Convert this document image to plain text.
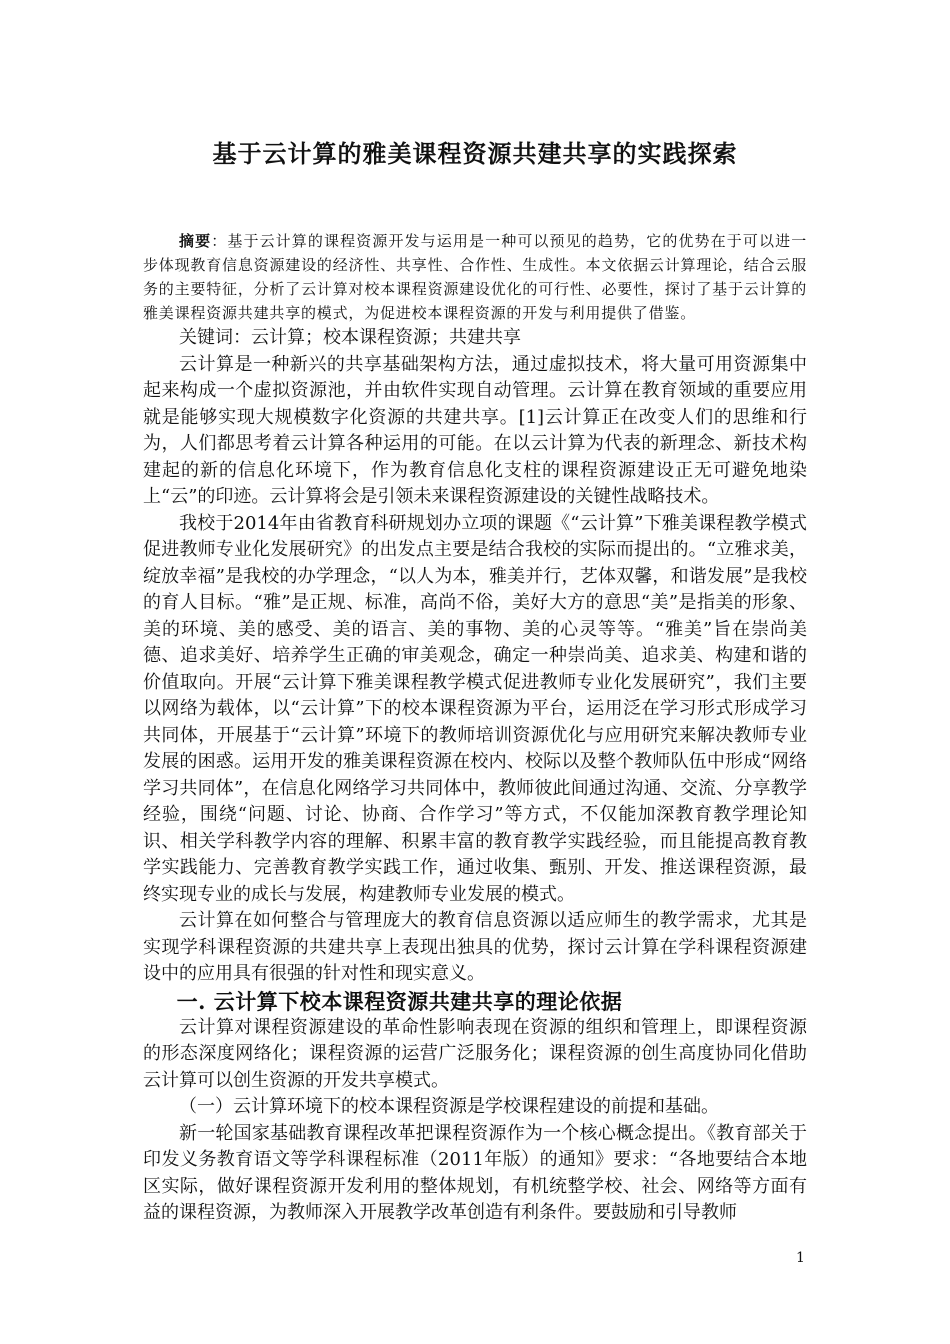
基于云计算的雅美课程资源共建共享的实践探索
摘要：基于云计算的课程资源开发与运用是一种可以预见的趋势，它的优势在于可以进一步体现教育信息资源建设的经济性、共享性、合作性、生成性。本文依据云计算理论，结合云服务的主要特征，分析了云计算对校本课程资源建设优化的可行性、必要性，探讨了基于云计算的雅美课程资源共建共享的模式，为促进校本课程资源的开发与利用提供了借鉴。

关键词：云计算；校本课程资源；共建共享

云计算是一种新兴的共享基础架构方法，通过虚拟技术，将大量可用资源集中起来构成一个虚拟资源池，并由软件实现自动管理。云计算在教育领域的重要应用就是能够实现大规模数字化资源的共建共享。[1]云计算正在改变人们的思维和行为，人们都思考着云计算各种运用的可能。在以云计算为代表的新理念、新技术构建起的新的信息化环境下，作为教育信息化支柱的课程资源建设正无可避免地染上“云”的印迹。云计算将会是引领未来课程资源建设的关键性战略技术。

我校于2014年由省教育科研规划办立项的课题《“云计算”下雅美课程教学模式促进教师专业化发展研究》的出发点主要是结合我校的实际而提出的。“立雅求美，绽放幸福”是我校的办学理念，“以人为本，雅美并行，艺体双馨，和谐发展”是我校的育人目标。“雅”是正规、标准，高尚不俗，美好大方的意思“美”是指美的形象、美的环境、美的感受、美的语言、美的事物、美的心灵等等。“雅美”旨在崇尚美德、追求美好、培养学生正确的审美观念，确定一种崇尚美、追求美、构建和谐的价值取向。开展“云计算下雅美课程教学模式促进教师专业化发展研究”，我们主要以网络为载体，以“云计算”下的校本课程资源为平台，运用泛在学习形式形成学习共同体，开展基于“云计算”环境下的教师培训资源优化与应用研究来解决教师专业发展的困惑。运用开发的雅美课程资源在校内、校际以及整个教师队伍中形成“网络学习共同体”，在信息化网络学习共同体中，教师彼此间通过沟通、交流、分享教学经验，围绕“问题、讨论、协商、合作学习”等方式，不仅能加深教育教学理论知识、相关学科教学内容的理解、积累丰富的教育教学实践经验，而且能提高教育教学实践能力、完善教育教学实践工作，通过收集、甄别、开发、推送课程资源，最终实现专业的成长与发展，构建教师专业发展的模式。

云计算在如何整合与管理庞大的教育信息资源以适应师生的教学需求，尤其是实现学科课程资源的共建共享上表现出独具的优势，探讨云计算在学科课程资源建设中的应用具有很强的针对性和现实意义。

一. 云计算下校本课程资源共建共享的理论依据

云计算对课程资源建设的革命性影响表现在资源的组织和管理上，即课程资源的形态深度网络化；课程资源的运营广泛服务化；课程资源的创生高度协同化借助云计算可以创生资源的开发共享模式。

（一）云计算环境下的校本课程资源是学校课程建设的前提和基础。

新一轮国家基础教育课程改革把课程资源作为一个核心概念提出。《教育部关于印发义务教育语文等学科课程标准（2011年版）的通知》要求：“各地要结合本地区实际，做好课程资源开发利用的整体规划，有机统整学校、社会、网络等方面有益的课程资源，为教师深入开展教学改革创造有利条件。要鼓励和引导教师

1
